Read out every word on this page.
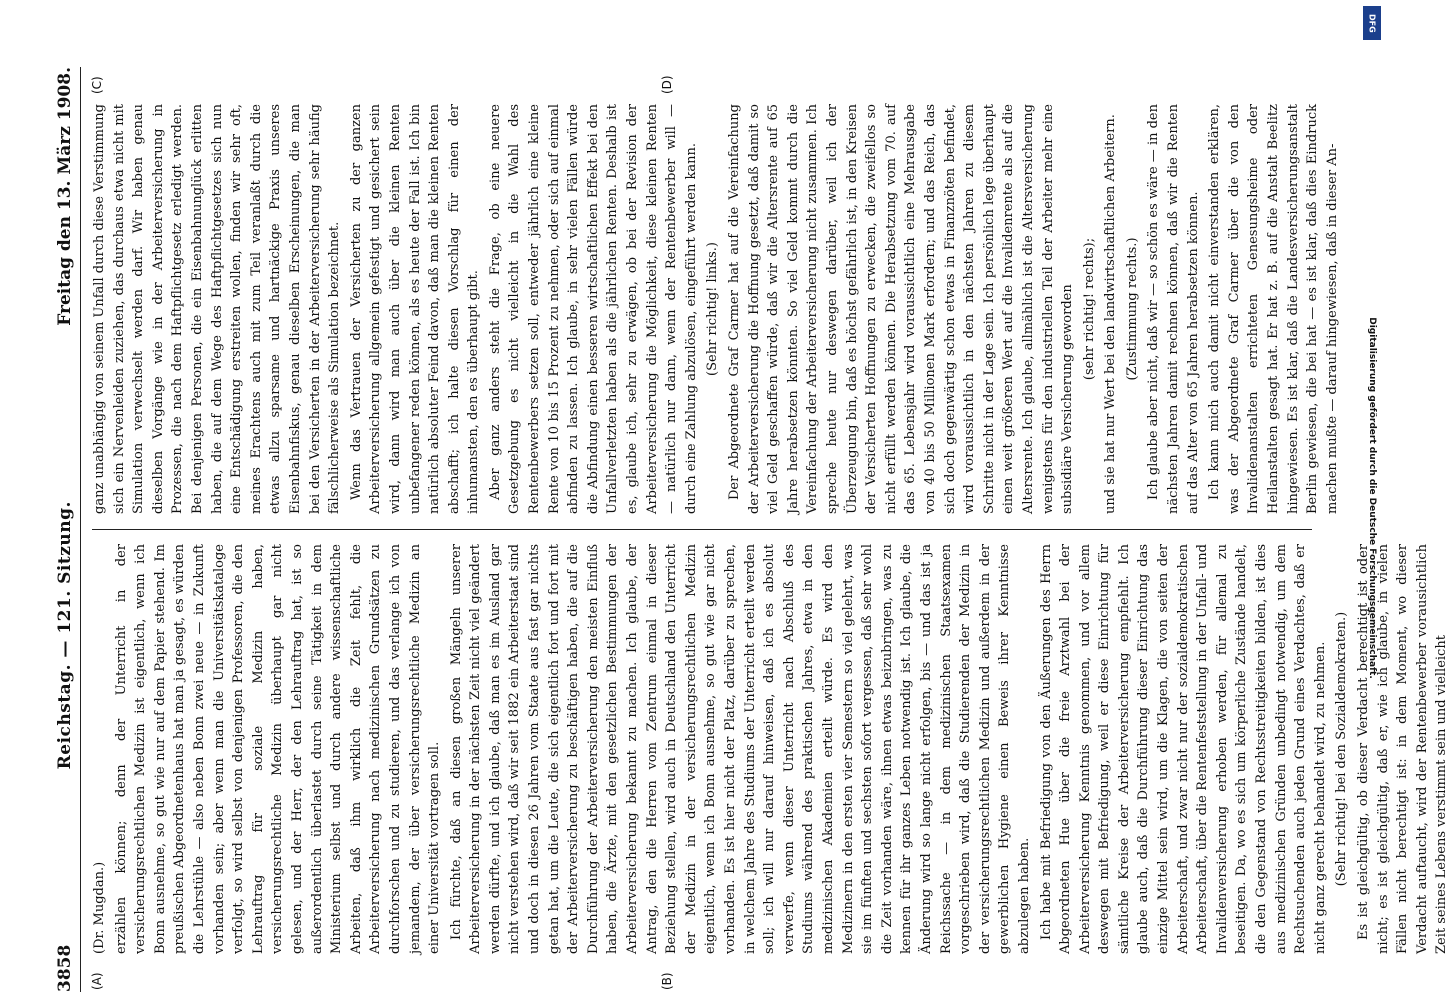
3858
Reichstag. — 121. Sitzung.
Freitag den 13. März 1908.
(A)	(B)
(C)	(D)

(Dr. Mugdan.) erzählen können; denn der Unterricht in der versicherungsrechtlichen Medizin ist eigentlich, wenn ich Bonn ausnehme, so gut wie nur auf dem Papier stehend. Im preußischen Abgeordnetenhaus hat man ja gesagt, es würden die Lehrstühle — also neben Bonn zwei neue — in Zukunft vorhanden sein; aber wenn man die Universitätskataloge verfolgt, so wird selbst von denjenigen Professoren, die den Lehrauftrag für soziale Medizin haben, versicherungsrechtliche Medizin überhaupt gar nicht gelesen, und der Herr, der den Lehrauftrag hat, ist so außerordentlich überlastet durch seine Tätigkeit in dem Ministerium selbst und durch andere wissenschaftliche Arbeiten, daß ihm wirklich die Zeit fehlt, die Arbeiterversicherung nach medizinischen Grundsätzen zu durchforschen und zu studieren, und das verlange ich von jemandem, der über versicherungsrechtliche Medizin an einer Universität vortragen soll. Ich fürchte, daß an diesen großen Mängeln unserer Arbeiterversicherung in der nächsten Zeit nicht viel geändert werden dürfte, und ich glaube, daß man es im Ausland gar nicht verstehen wird, daß wir seit 1882 ein Arbeiterstaat sind und doch in diesen 26 Jahren vom Staate aus fast gar nichts getan hat, um die Leute, die sich eigentlich fort und fort mit der Arbeiterversicherung zu beschäftigen haben, die auf die Durchführung der Arbeiterversicherung den meisten Einfluß haben, die Ärzte, mit den gesetzlichen Bestimmungen der Arbeiterversicherung bekannt zu machen. Ich glaube, der Antrag, den die Herren vom Zentrum einmal in dieser Beziehung stellen, wird auch in Deutschland den Unterricht der Medizin in der versicherungsrechtlichen Medizin eigentlich, wenn ich Bonn ausnehme, so gut wie gar nicht vorhanden. Es ist hier nicht der Platz, darüber zu sprechen, in welchem Jahre des Studiums der Unterricht erteilt werden soll; ich will nur darauf hinweisen, daß ich es absolut verwerfe, wenn dieser Unterricht nach Abschluß des Studiums während des praktischen Jahres, etwa in den medizinischen Akademien erteilt würde. Es wird den Medizinern in den ersten vier Semestern so viel gelehrt, was sie im fünften und sechsten sofort vergessen, daß sehr wohl die Zeit vorhanden wäre, ihnen etwas beizubringen, was zu kennen für ihr ganzes Leben notwendig ist. Ich glaube, die Änderung wird so lange nicht erfolgen, bis — und das ist ja Reichssache — in dem medizinischen Staatsexamen vorgeschrieben wird, daß die Studierenden der Medizin in der versicherungsrechtlichen Medizin und außerdem in der gewerblichen Hygiene einen Beweis ihrer Kenntnisse abzulegen haben. Ich habe mit Befriedigung von den Äußerungen des Herrn Abgeordneten Hue über die freie Arztwahl bei der Arbeiterversicherung Kenntnis genommen, und vor allem deswegen mit Befriedigung, weil er diese Einrichtung für sämtliche Kreise der Arbeiterversicherung empfiehlt. Ich glaube auch, daß die Durchführung dieser Einrichtung das einzige Mittel sein wird, um die Klagen, die von seiten der Arbeiterschaft, und zwar nicht nur der sozialdemokratischen Arbeiterschaft, über die Rentenfeststellung in der Unfall- und Invalidenversicherung erhoben werden, für allemal zu beseitigen. Da, wo es sich um körperliche Zustände handelt, die den Gegenstand von Rechtsstreitigkeiten bilden, ist dies aus medizinischen Gründen unbedingt notwendig, um dem Rechtsuchenden auch jeden Grund eines Verdachtes, daß er nicht ganz gerecht behandelt wird, zu nehmen. (Sehr richtig! bei den Sozialdemokraten.) Es ist gleichgültig, ob dieser Verdacht berechtigt ist oder nicht; es ist gleichgültig, daß er, wie ich glaube, in vielen Fällen nicht berechtigt ist: in dem Moment, wo dieser Verdacht auftaucht, wird der Rentenbewerber vorausichtlich Zeit seines Lebens verstimmt sein und vielleicht

ganz unabhängig von seinem Unfall durch diese Verstimmung sich ein Nervenleiden zuziehen, das durchaus etwa nicht mit Simulation verwechselt werden darf. Wir haben genau dieselben Vorgänge wie in der Arbeiterversicherung in Prozessen, die nach dem Haftpflichtgesetz erledigt werden. Bei denjenigen Personen, die ein Eisenbahnunglück erlitten haben, die auf dem Wege des Haftpflichtgesetzes sich nun eine Entschädigung erstreiten wollen, finden wir sehr oft, meines Erachtens auch mit zum Teil veranlaßt durch die etwas allzu sparsame und hartnäckige Praxis unseres Eisenbahnfiskus, genau dieselben Erscheinungen, die man bei den Versicherten in der Arbeiterversicherung sehr häufig fälschlicherweise als Simulation bezeichnet. Wenn das Vertrauen der Versicherten zu der ganzen Arbeiterversicherung allgemein gefestigt und gesichert sein wird, dann wird man auch über die kleinen Renten unbefangener reden können, als es heute der Fall ist. Ich bin natürlich absoluter Feind davon, daß man die kleinen Renten abschafft; ich halte diesen Vorschlag für einen der inhumansten, den es überhaupt gibt. Aber ganz anders steht die Frage, ob eine neuere Gesetzgebung es nicht vielleicht in die Wahl des Rentenbewerbers setzen soll, entweder jährlich eine kleine Rente von 10 bis 15 Prozent zu nehmen, oder sich auf einmal abfinden zu lassen. Ich glaube, in sehr vielen Fällen würde die Abfindung einen besseren wirtschaftlichen Effekt bei den Unfallverletzten haben als die jährlichen Renten. Deshalb ist es, glaube ich, sehr zu erwägen, ob bei der Revision der Arbeiterversicherung die Möglichkeit, diese kleinen Renten — natürlich nur dann, wenn der Rentenbewerber will — durch eine Zahlung abzulösen, eingeführt werden kann. (Sehr richtig! links.) Der Abgeordnete Graf Carmer hat auf die Vereinfachung der Arbeiterversicherung die Hoffnung gesetzt, daß damit so viel Geld geschaffen würde, daß wir die Altersrente auf 65 Jahre herabsetzen könnten. So viel Geld kommt durch die Vereinfachung der Arbeiterversicherung nicht zusammen. Ich spreche heute nur deswegen darüber, weil ich der Überzeugung bin, daß es höchst gefährlich ist, in den Kreisen der Versicherten Hoffnungen zu erwecken, die zweifellos so nicht erfüllt werden können. Die Herabsetzung vom 70. auf das 65. Lebensjahr wird voraussichtlich eine Mehrausgabe von 40 bis 50 Millionen Mark erfordern; und das Reich, das sich doch gegenwärtig schon etwas in Finanznöten befindet, wird voraussichtlich in den nächsten Jahren zu diesem Schritte nicht in der Lage sein. Ich persönlich lege überhaupt einen weit größeren Wert auf die Invalidenrente als auf die Altersrente. Ich glaube, allmählich ist die Altersversicherung wenigstens für den industriellen Teil der Arbeiter mehr eine subsidiäre Versicherung geworden (sehr richtig! rechts); und sie hat nur Wert bei den landwirtschaftlichen Arbeitern. (Zustimmung rechts.) Ich glaube aber nicht, daß wir — so schön es wäre — in den nächsten Jahren damit rechnen können, daß wir die Renten auf das Alter von 65 Jahren herabsetzen können. Ich kann mich auch damit nicht einverstanden erklären, was der Abgeordnete Graf Carmer über die von den Invalidenanstalten errichteten Genesungsheime oder Heilanstalten gesagt hat. Er hat z. B. auf die Anstalt Beelitz hingewiesen. Es ist klar, daß die Landesversicherungsanstalt Berlin gewiesen, die bei hat — es ist klar, daß dies Eindruck machen mußte — darauf hingewiesen, daß in dieser An-	Digitalisierung gefördert durch die Deutsche Forschungsgemeinschaft.
DFG
